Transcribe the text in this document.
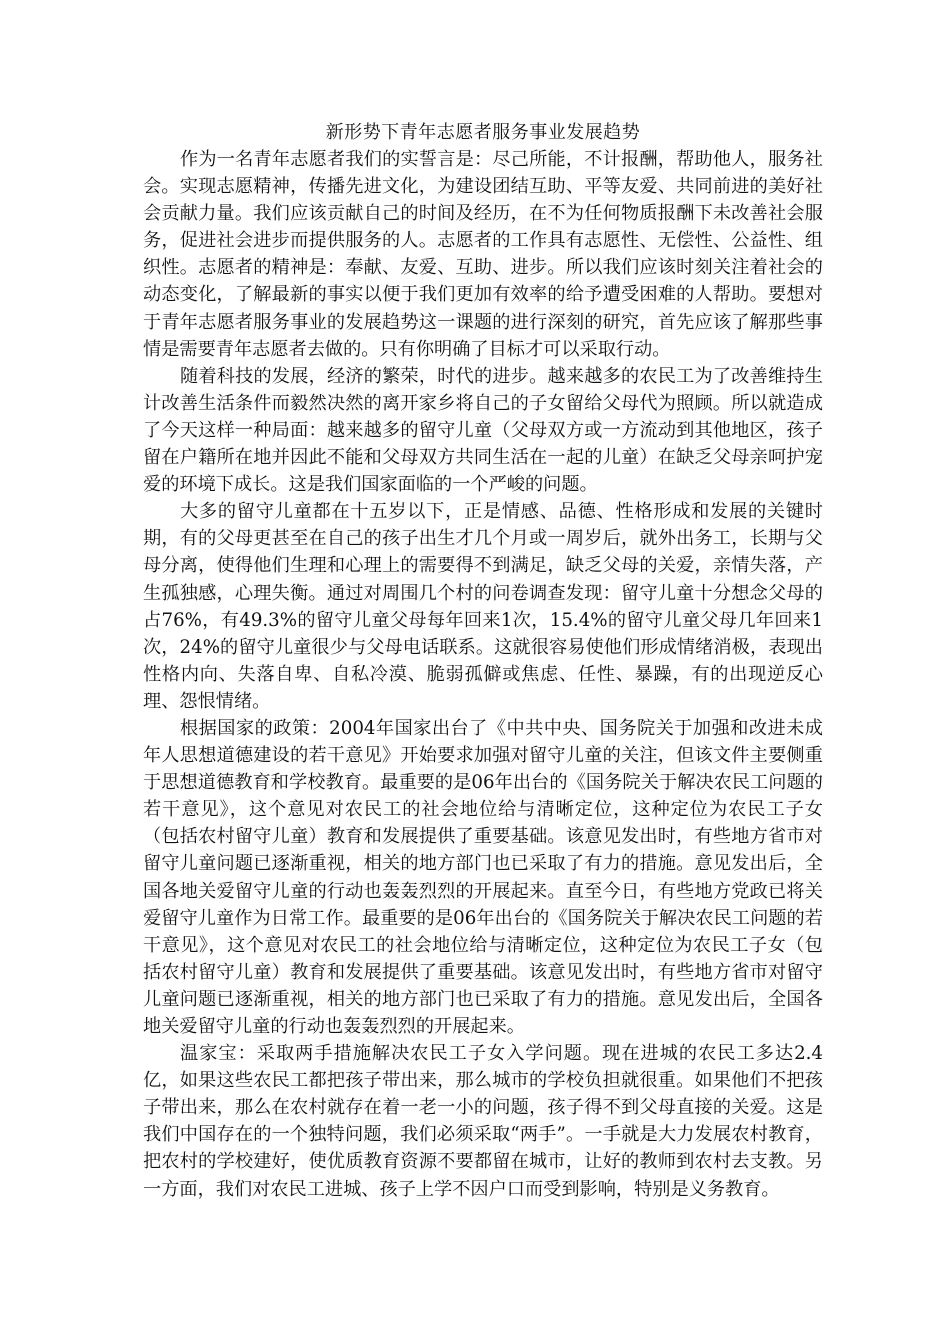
新形势下青年志愿者服务事业发展趋势

作为一名青年志愿者我们的实誓言是：尽己所能，不计报酬，帮助他人，服务社会。实现志愿精神，传播先进文化，为建设团结互助、平等友爱、共同前进的美好社会贡献力量。我们应该贡献自己的时间及经历，在不为任何物质报酬下未改善社会服务，促进社会进步而提供服务的人。志愿者的工作具有志愿性、无偿性、公益性、组织性。志愿者的精神是：奉献、友爱、互助、进步。所以我们应该时刻关注着社会的动态变化，了解最新的事实以便于我们更加有效率的给予遭受困难的人帮助。要想对于青年志愿者服务事业的发展趋势这一课题的进行深刻的研究，首先应该了解那些事情是需要青年志愿者去做的。只有你明确了目标才可以采取行动。

随着科技的发展，经济的繁荣，时代的进步。越来越多的农民工为了改善维持生计改善生活条件而毅然决然的离开家乡将自己的子女留给父母代为照顾。所以就造成了今天这样一种局面：越来越多的留守儿童（父母双方或一方流动到其他地区，孩子留在户籍所在地并因此不能和父母双方共同生活在一起的儿童）在缺乏父母亲呵护宠爱的环境下成长。这是我们国家面临的一个严峻的问题。

大多的留守儿童都在十五岁以下，正是情感、品德、性格形成和发展的关键时期，有的父母更甚至在自己的孩子出生才几个月或一周岁后，就外出务工，长期与父母分离，使得他们生理和心理上的需要得不到满足，缺乏父母的关爱，亲情失落，产生孤独感，心理失衡。通过对周围几个村的问卷调查发现：留守儿童十分想念父母的占76%，有49.3%的留守儿童父母每年回来1次，15.4%的留守儿童父母几年回来1次，24%的留守儿童很少与父母电话联系。这就很容易使他们形成情绪消极，表现出性格内向、失落自卑、自私冷漠、脆弱孤僻或焦虑、任性、暴躁，有的出现逆反心理、怨恨情绪。

根据国家的政策：2004年国家出台了《中共中央、国务院关于加强和改进未成年人思想道德建设的若干意见》开始要求加强对留守儿童的关注，但该文件主要侧重于思想道德教育和学校教育。最重要的是06年出台的《国务院关于解决农民工问题的若干意见》，这个意见对农民工的社会地位给与清晰定位，这种定位为农民工子女（包括农村留守儿童）教育和发展提供了重要基础。该意见发出时，有些地方省市对留守儿童问题已逐渐重视，相关的地方部门也已采取了有力的措施。意见发出后，全国各地关爱留守儿童的行动也轰轰烈烈的开展起来。直至今日，有些地方党政已将关爱留守儿童作为日常工作。最重要的是06年出台的《国务院关于解决农民工问题的若干意见》，这个意见对农民工的社会地位给与清晰定位，这种定位为农民工子女（包括农村留守儿童）教育和发展提供了重要基础。该意见发出时，有些地方省市对留守儿童问题已逐渐重视，相关的地方部门也已采取了有力的措施。意见发出后，全国各地关爱留守儿童的行动也轰轰烈烈的开展起来。

温家宝：采取两手措施解决农民工子女入学问题。现在进城的农民工多达2.4亿，如果这些农民工都把孩子带出来，那么城市的学校负担就很重。如果他们不把孩子带出来，那么在农村就存在着一老一小的问题，孩子得不到父母直接的关爱。这是我们中国存在的一个独特问题，我们必须采取“两手”。一手就是大力发展农村教育，把农村的学校建好，使优质教育资源不要都留在城市，让好的教师到农村去支教。另一方面，我们对农民工进城、孩子上学不因户口而受到影响，特别是义务教育。
